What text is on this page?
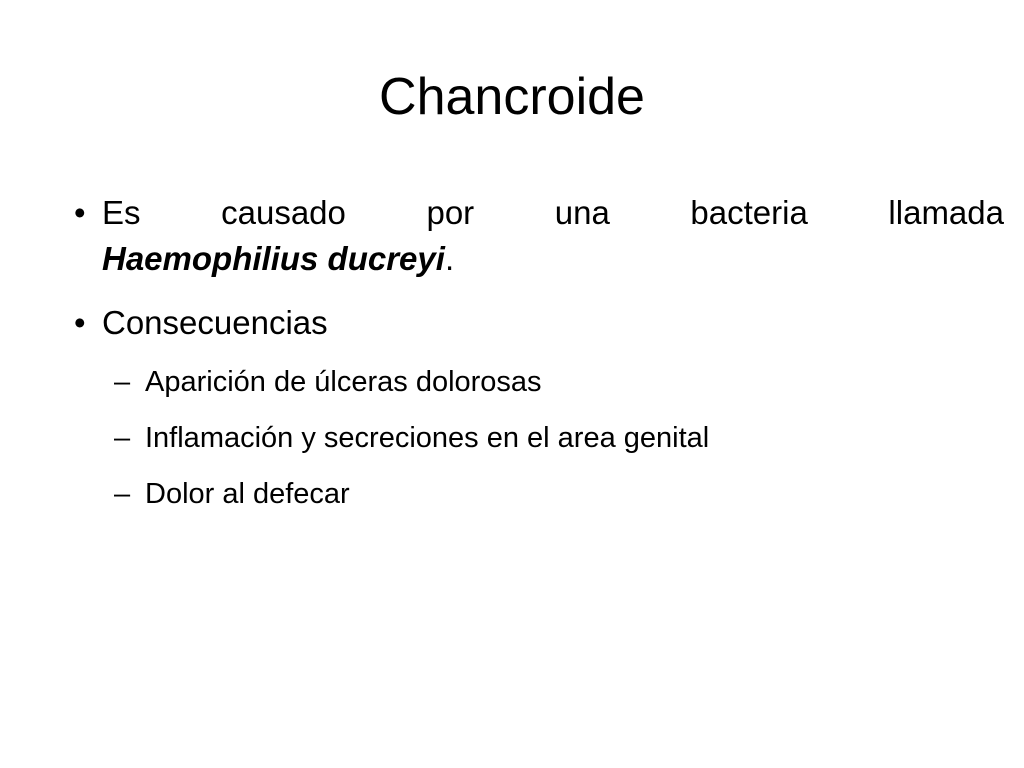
Chancroide
• Es causado por una bacteria llamada
Haemophilius ducreyi.
• Consecuencias
– Aparición de úlceras dolorosas
– Inflamación y secreciones en el area genital
– Dolor al defecar
